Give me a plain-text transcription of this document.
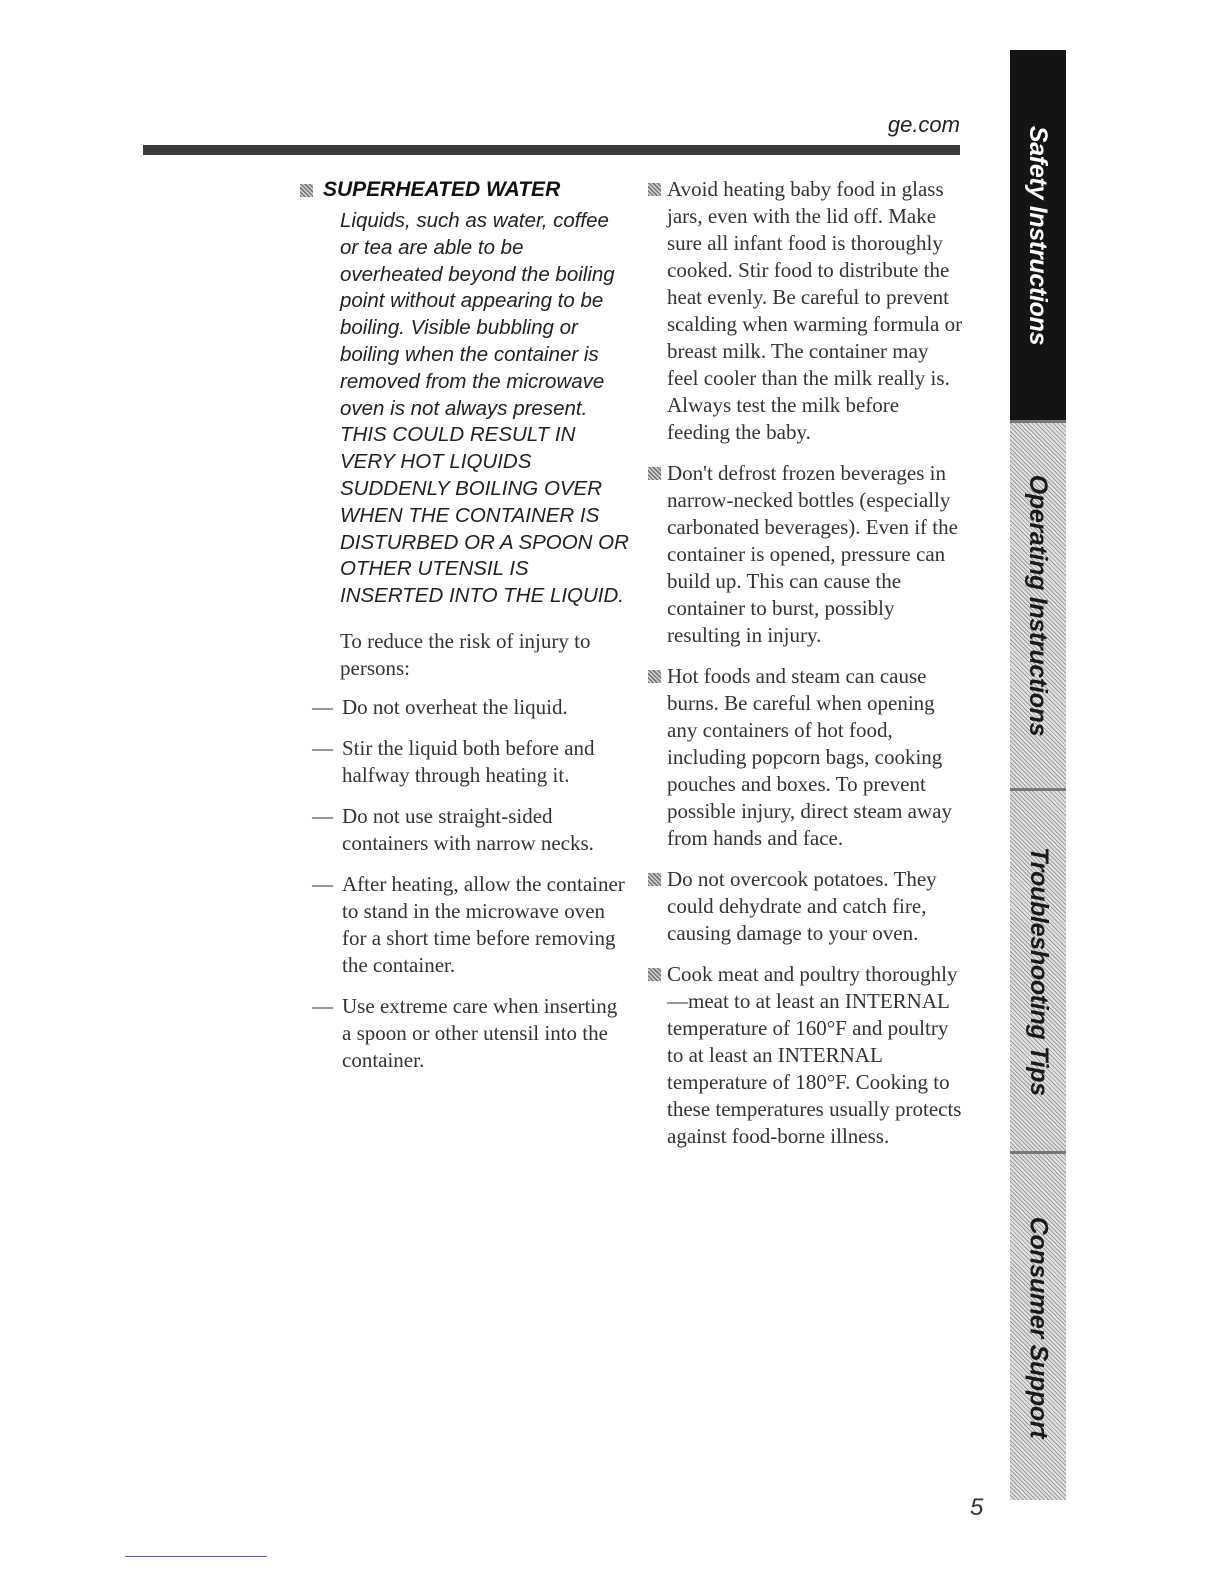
ge.com
SUPERHEATED WATER

Liquids, such as water, coffee or tea are able to be overheated beyond the boiling point without appearing to be boiling. Visible bubbling or boiling when the container is removed from the microwave oven is not always present.

THIS COULD RESULT IN VERY HOT LIQUIDS SUDDENLY BOILING OVER WHEN THE CONTAINER IS DISTURBED OR A SPOON OR OTHER UTENSIL IS INSERTED INTO THE LIQUID.

To reduce the risk of injury to persons:

— Do not overheat the liquid.
— Stir the liquid both before and halfway through heating it.
— Do not use straight-sided containers with narrow necks.
— After heating, allow the container to stand in the microwave oven for a short time before removing the container.
— Use extreme care when inserting a spoon or other utensil into the container.
Avoid heating baby food in glass jars, even with the lid off. Make sure all infant food is thoroughly cooked. Stir food to distribute the heat evenly. Be careful to prevent scalding when warming formula or breast milk. The container may feel cooler than the milk really is. Always test the milk before feeding the baby.
Don't defrost frozen beverages in narrow-necked bottles (especially carbonated beverages). Even if the container is opened, pressure can build up. This can cause the container to burst, possibly resulting in injury.
Hot foods and steam can cause burns. Be careful when opening any containers of hot food, including popcorn bags, cooking pouches and boxes. To prevent possible injury, direct steam away from hands and face.
Do not overcook potatoes. They could dehydrate and catch fire, causing damage to your oven.
Cook meat and poultry thoroughly—meat to at least an INTERNAL temperature of 160°F and poultry to at least an INTERNAL temperature of 180°F. Cooking to these temperatures usually protects against food-borne illness.
Safety Instructions
Operating Instructions
Troubleshooting Tips
Consumer Support
5
